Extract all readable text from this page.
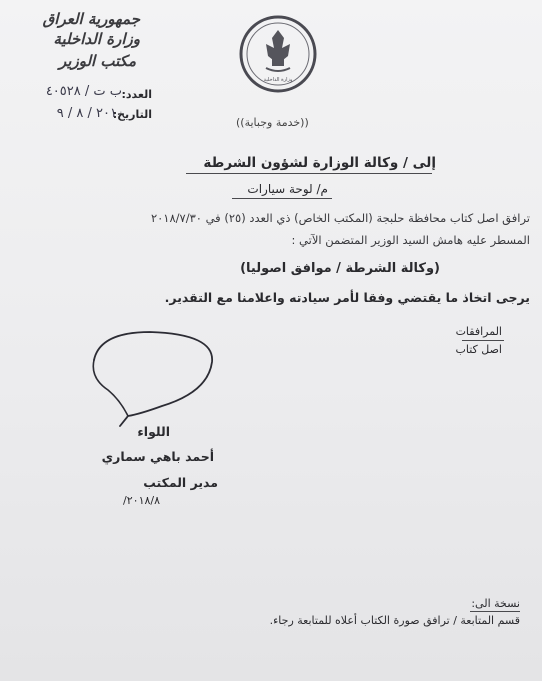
جمهورية العراق
وزارة الداخلية
مكتب الوزير
العدد:
ب ت / ٤٠٥٢٨
التاريخ:
٢٠١ / ٨ / ٩
وزارة الداخلية
((خدمة وجباية))
إلى / وكالة الوزارة لشؤون الشرطة
م/ لوحة سيارات
ترافق اصل كتاب محافظة حلبجة (المكتب الخاص) ذي العدد (٢٥) في ٢٠١٨/٧/٣٠
المسطر عليه هامش السيد الوزير المتضمن الآتي :
(وكالة الشرطة / موافق اصوليا)
يرجى اتخاذ ما يقتضي وفقا لأمر سيادته واعلامنا مع التقدير.
المرافقات
اصل كتاب
اللواء
أحمد باهي سماري
مدير المكتب
٢٠١٨/٨/
نسخة الى:
قسم المتابعة / ترافق صورة الكتاب أعلاه للمتابعة رجاء.
